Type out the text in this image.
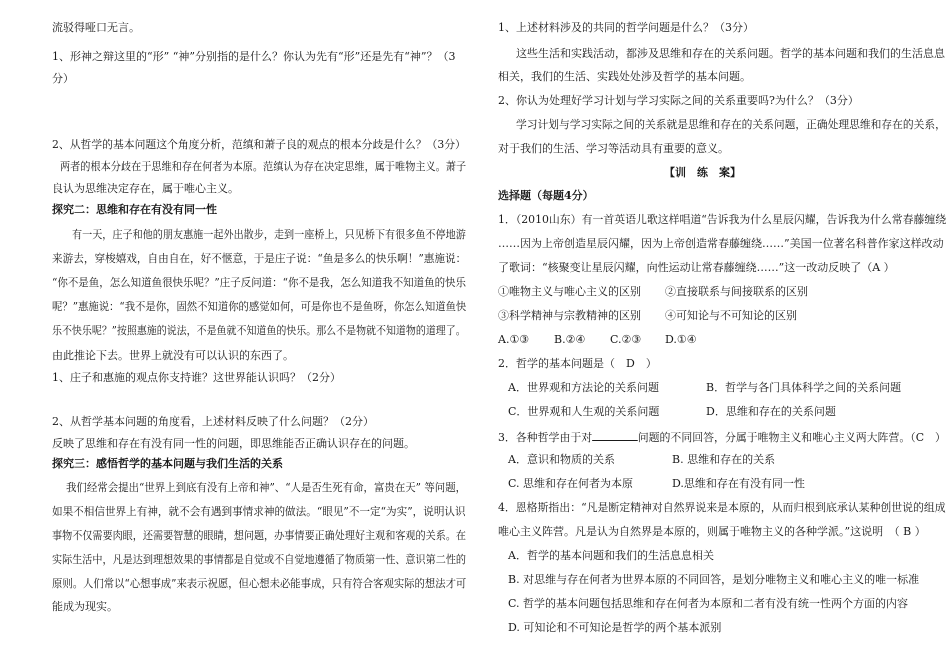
流驳得哑口无言。
1、形神之辩这里的“形” “神”分别指的是什么？你认为先有“形”还是先有“神”？（3
分）
2、从哲学的基本问题这个角度分析，范缜和萧子良的观点的根本分歧是什么？（3分）
两者的根本分歧在于思维和存在何者为本原。范缜认为存在决定思维，属于唯物主义。萧子
良认为思维决定存在，属于唯心主义。
探究二：思维和存在有没有同一性
有一天，庄子和他的朋友惠施一起外出散步，走到一座桥上，只见桥下有很多鱼不停地游
来游去，穿梭嬉戏，自由自在，好不惬意，于是庄子说：“鱼是多么的快乐啊！”惠施说：
“你不是鱼，怎么知道鱼很快乐呢？”庄子反问道：“你不是我，怎么知道我不知道鱼的快乐
呢？”惠施说：“我不是你，固然不知道你的感觉如何，可是你也不是鱼呀，你怎么知道鱼快
乐不快乐呢？”按照惠施的说法，不是鱼就不知道鱼的快乐。那么不是物就不知道物的道理了。
由此推论下去。世界上就没有可以认识的东西了。
1、庄子和惠施的观点你支持谁？这世界能认识吗？（2分）
2、从哲学基本问题的角度看，上述材料反映了什么问题？（2分）
反映了思维和存在有没有同一性的问题，即思维能否正确认识存在的问题。
探究三：感悟哲学的基本问题与我们生活的关系
我们经常会提出“世界上到底有没有上帝和神”、“人是否生死有命，富贵在天” 等问题，
如果不相信世界上有神，就不会有遇到事情求神的做法。“眼见”不一定“为实”，说明认识
事物不仅需要肉眼，还需要智慧的眼睛，想问题，办事情要正确处理好主观和客观的关系。在
实际生活中，凡是达到理想效果的事情都是自觉或不自觉地遵循了物质第一性、意识第二性的
原则。人们常以“心想事成”来表示祝愿，但心想未必能事成，只有符合客观实际的想法才可
能成为现实。
1、上述材料涉及的共同的哲学问题是什么？（3分）
这些生活和实践活动，都涉及思维和存在的关系问题。哲学的基本问题和我们的生活息息
相关，我们的生活、实践处处涉及哲学的基本问题。
2、你认为处理好学习计划与学习实际之间的关系重要吗?为什么？（3分）
学习计划与学习实际之间的关系就是思维和存在的关系问题，正确处理思维和存在的关系，
对于我们的生活、学习等活动具有重要的意义。
【训　练　案】
选择题（每题4分）
1．（2010山东）有一首英语儿歌这样唱道“告诉我为什么星辰闪耀，告诉我为什么常春藤缠绕
……因为上帝创造星辰闪耀，因为上帝创造常春藤缠绕……”美国一位著名科普作家这样改动
了歌词：“核聚变让星辰闪耀，向性运动让常春藤缠绕……”这一改动反映了（A ）
①唯物主义与唯心主义的区别 ②直接联系与间接联系的区别
③科学精神与宗教精神的区别 ④可知论与不可知论的区别
A.①③ B.②④ C.②③ D.①④
2．哲学的基本问题是（　D　）
A．世界观和方法论的关系问题	B．哲学与各门具体科学之间的关系问题
C．世界观和人生观的关系问题	D．思维和存在的关系问题
3．各种哲学由于对	问题的不同回答，分属于唯物主义和唯心主义两大阵营。（C　）
A．意识和物质的关系	B. 思维和存在的关系
C. 思维和存在何者为本原	D.思维和存在有没有同一性
4．恩格斯指出：“凡是断定精神对自然界说来是本原的，从而归根到底承认某种创世说的组成
唯心主义阵营。凡是认为自然界是本原的，则属于唯物主义的各种学派。”这说明　（ B ）
A．哲学的基本问题和我们的生活息息相关
B. 对思维与存在何者为世界本原的不同回答，是划分唯物主义和唯心主义的唯一标准
C. 哲学的基本问题包括思维和存在何者为本原和二者有没有统一性两个方面的内容
D. 可知论和不可知论是哲学的两个基本派别
